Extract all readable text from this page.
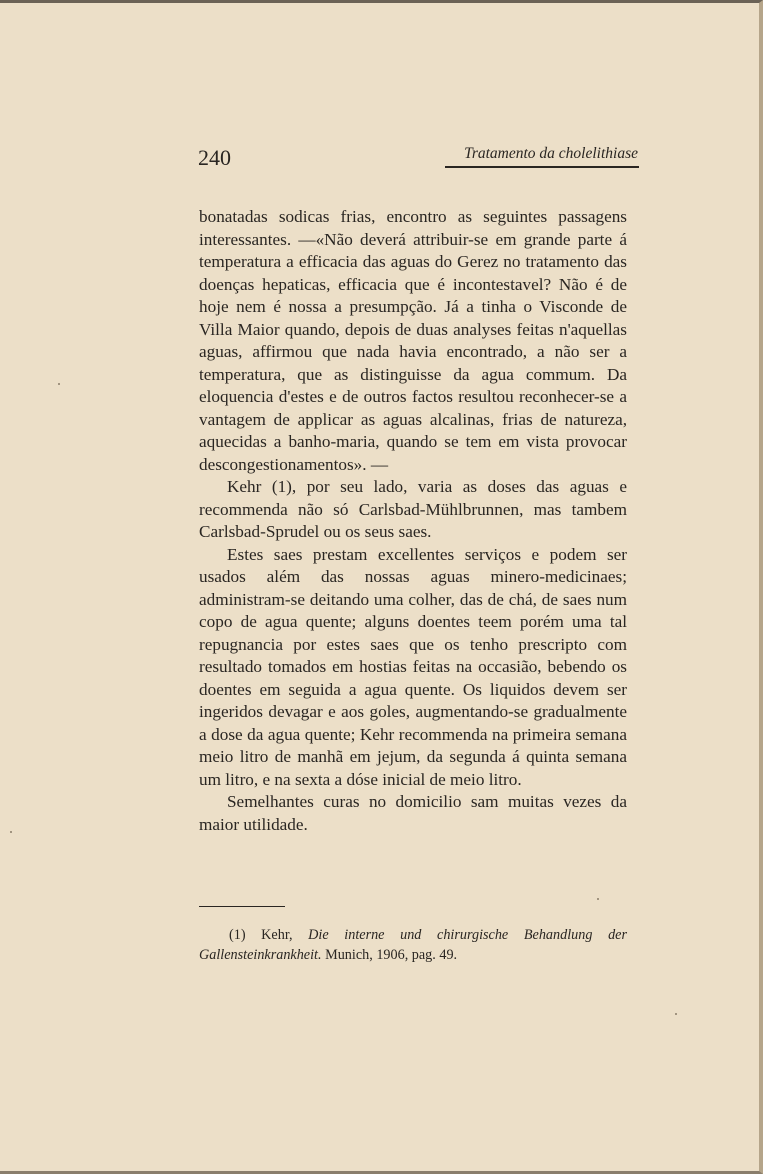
240	Tratamento da cholelithiase

bonatadas sodicas frias, encontro as seguintes passagens interessantes. —«Não deverá attribuir-se em grande parte á temperatura a efficacia das aguas do Gerez no tratamento das doenças hepaticas, efficacia que é incontestavel? Não é de hoje nem é nossa a presumpção. Já a tinha o Visconde de Villa Maior quando, depois de duas analyses feitas n'aquellas aguas, affirmou que nada havia encontrado, a não ser a temperatura, que as distinguisse da agua commum. Da eloquencia d'estes e de outros factos resultou reconhecer-se a vantagem de applicar as aguas alcalinas, frias de natureza, aquecidas a banho-maria, quando se tem em vista provocar descongestionamentos». —

Kehr (1), por seu lado, varia as doses das aguas e recommenda não só Carlsbad-Mühlbrunnen, mas tambem Carlsbad-Sprudel ou os seus saes.

Estes saes prestam excellentes serviços e podem ser usados além das nossas aguas minero-medicinaes; administram-se deitando uma colher, das de chá, de saes num copo de agua quente; alguns doentes teem porém uma tal repugnancia por estes saes que os tenho prescripto com resultado tomados em hostias feitas na occasião, bebendo os doentes em seguida a agua quente. Os liquidos devem ser ingeridos devagar e aos goles, augmentando-se gradualmente a dose da agua quente; Kehr recommenda na primeira semana meio litro de manhã em jejum, da segunda á quinta semana um litro, e na sexta a dóse inicial de meio litro.

Semelhantes curas no domicilio sam muitas vezes da maior utilidade.

(1) Kehr, Die interne und chirurgische Behandlung der Gallensteinkrankheit. Munich, 1906, pag. 49.
